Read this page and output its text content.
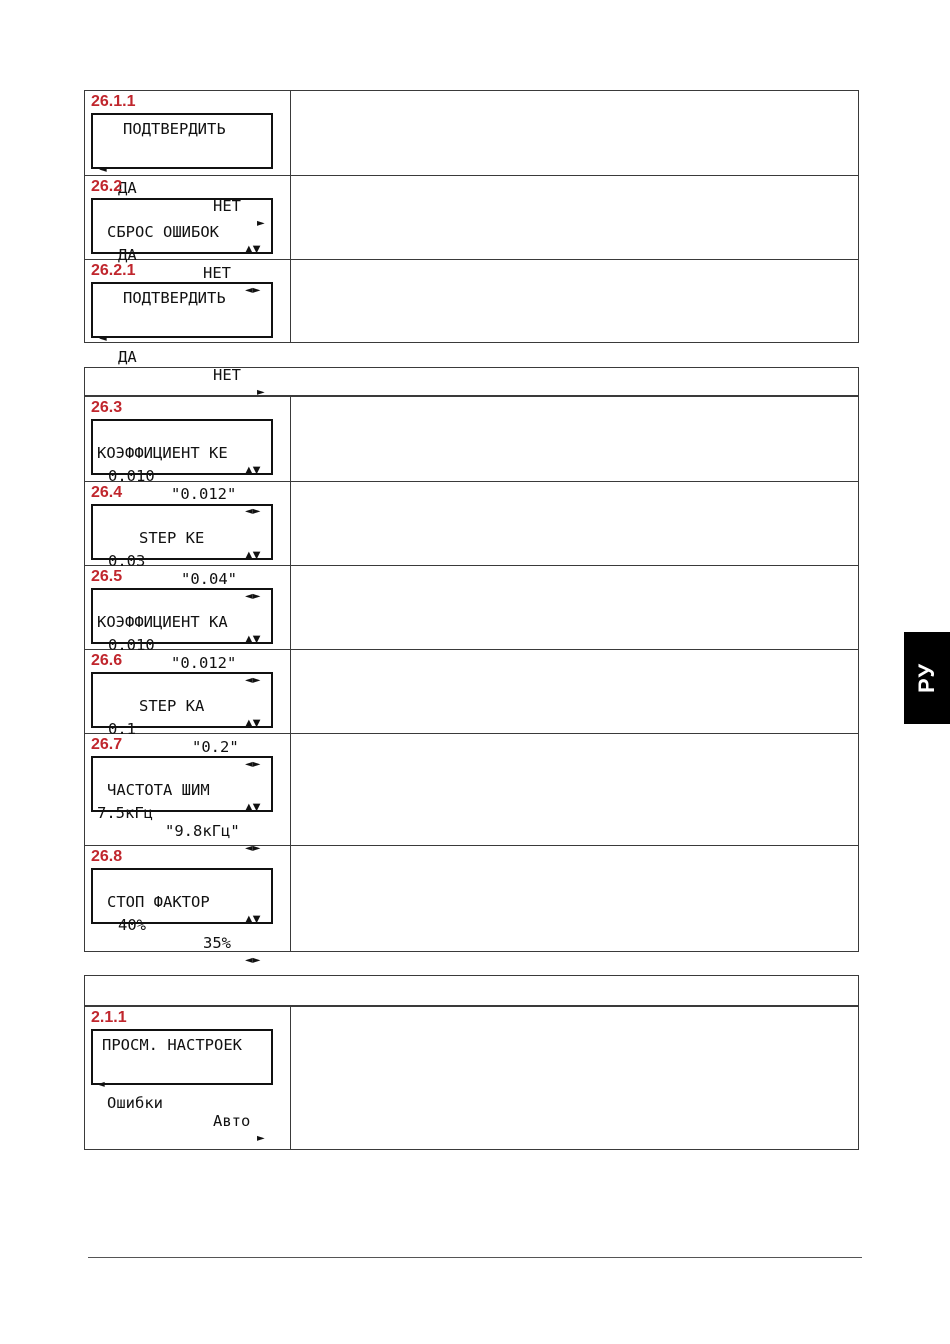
26.1.1
ПОДТВЕРДИТЬ

◄

ДА

НЕТ

►

26.2

СБРОС ОШИБОК

▲▼

ДА

НЕТ

◄►

26.2.1
ПОДТВЕРДИТЬ

◄

ДА

НЕТ

►

26.3

КОЭФФИЦИЕНТ КЕ

▲▼

0.010

"0.012"

◄►

26.4

STEP KE

▲▼

0.03

"0.04"

◄►

26.5

КОЭФФИЦИЕНТ КА

▲▼

0.010

"0.012"

◄►

26.6

STEP KA

▲▼

0.1

"0.2"

◄►

26.7

ЧАСТОТА ШИМ

▲▼

7.5кГц

"9.8кГц"

◄►

26.8

СТОП ФАКТОР

▲▼

40%

35%

◄►

2.1.1
ПРОСМ. НАСТРОЕК

◄

Ошибки

Авто

►

РУ
